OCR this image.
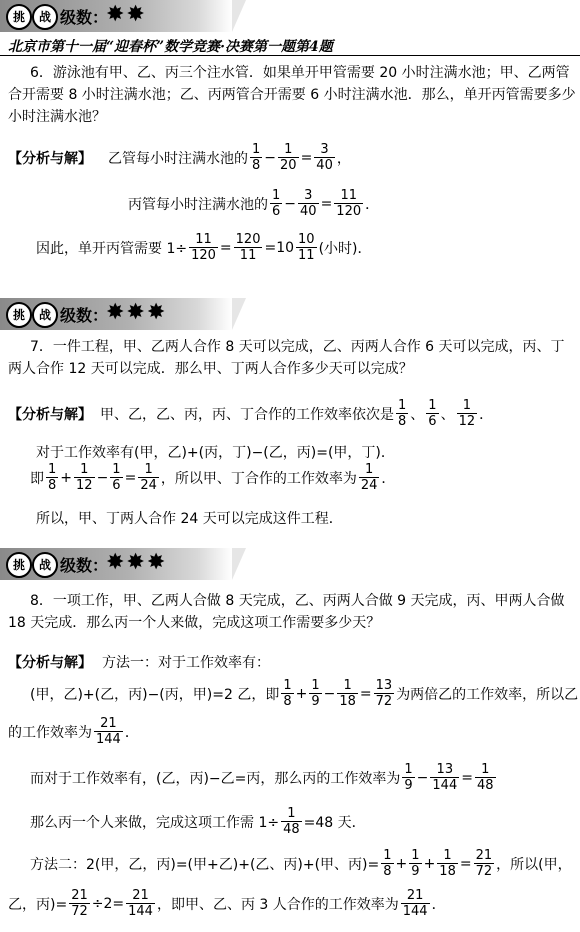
挑	战 级数：
✸✸
北京市第十一届“迎春杯”数学竞赛·决赛第一题第4题
6．游泳池有甲、乙、丙三个注水管．如果单开甲管需要 20 小时注满水池；甲、乙两管
合开需要 8 小时注满水池；乙、丙两管合开需要 6 小时注满水池．那么，单开丙管需要多少
小时注满水池？
【分析与解】 乙管每小时注满水池的 $\frac{1}{8} - \frac{1}{20} = \frac{3}{40}$ ，
丙管每小时注满水池的 $\frac{1}{6} - \frac{3}{40} = \frac{11}{120}$ ．
因此，单开丙管需要 $1\div \frac{11}{120} = \frac{120}{11} =10 \frac{10}{11}$ (小时)．
挑	战 级数：
✸✸✸
7．一件工程，甲、乙两人合作 8 天可以完成，乙、丙两人合作 6 天可以完成，丙、丁
两人合作 12 天可以完成．那么甲、丁两人合作多少天可以完成？
【分析与解】 甲、乙，乙、丙，丙、丁合作的工作效率依次是 $\frac{1}{8}$ 、 $\frac{1}{6}$ 、 $\frac{1}{12}$ ．
对于工作效率有(甲，乙)+(丙，丁)−(乙，丙)=(甲，丁)．
即 $\frac{1}{8} + \frac{1}{12} - \frac{1}{6} = \frac{1}{24}$ ，所以甲、丁合作的工作效率为 $\frac{1}{24}$ ．
所以，甲、丁两人合作 24 天可以完成这件工程．
挑	战 级数：
✸✸✸
8．一项工作，甲、乙两人合做 8 天完成，乙、丙两人合做 9 天完成，丙、甲两人合做
18 天完成．那么丙一个人来做，完成这项工作需要多少天？
【分析与解】 方法一：对于工作效率有：
(甲，乙)+(乙，丙)−(丙，甲)=2 乙，即 $\frac{1}{8} + \frac{1}{9} - \frac{1}{18} = \frac{13}{72}$ 为两倍乙的工作效率，所以乙
的工作效率为 $\frac{21}{144}$ ．
而对于工作效率有，(乙，丙)−乙=丙，那么丙的工作效率为 $\frac{1}{9} - \frac{13}{144} = \frac{1}{48}$
那么丙一个人来做，完成这项工作需 $1\div \frac{1}{48} =48$ 天．
方法二：2(甲，乙，丙)=(甲+乙)+(乙、丙)+(甲、丙)= $\frac{1}{8} + \frac{1}{9} + \frac{1}{18} = \frac{21}{72}$ ，所以(甲，
乙，丙)= $\frac{21}{72} \div 2= \frac{21}{144}$ ，即甲、乙、丙 3 人合作的工作效率为 $\frac{21}{144}$ ．
